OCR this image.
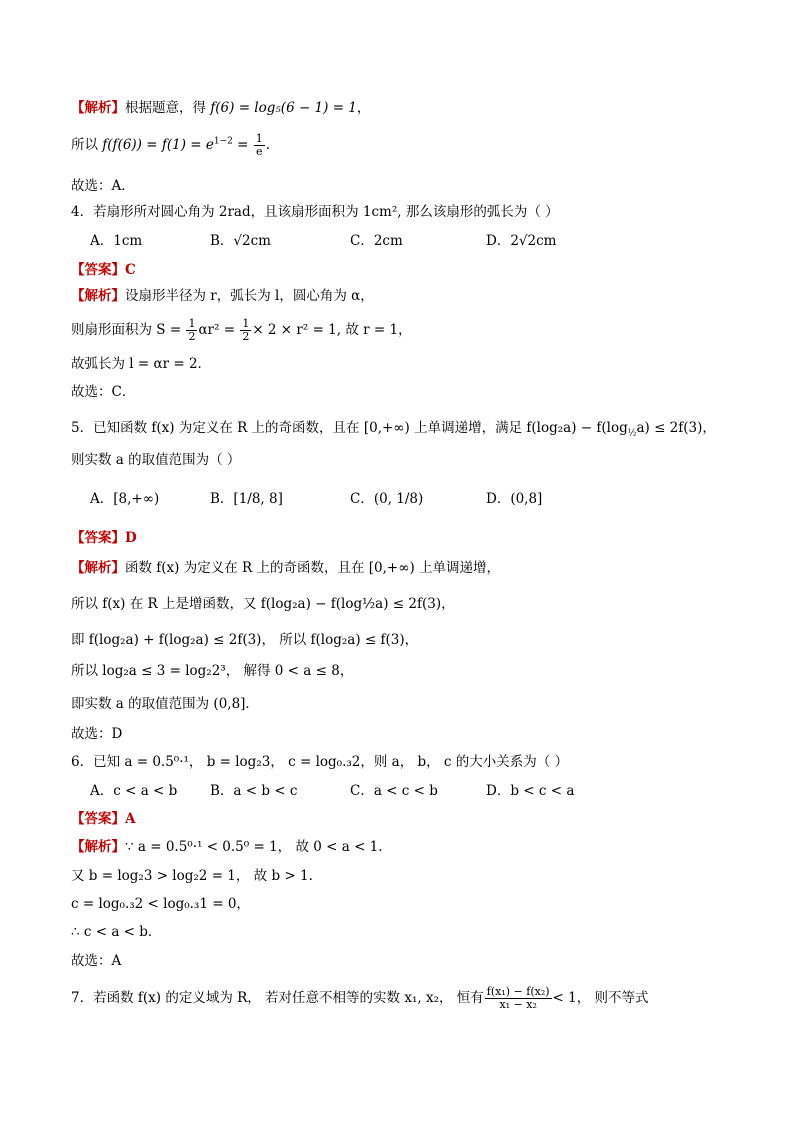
【解析】根据题意，得 f(6) = log₅(6 − 1) = 1，
所以 $f(f(6)) = f(1) = e^{1-2} = \frac{1}{e}$ .
故选：A．
4．若扇形所对圆心角为 2rad，且该扇形面积为 1cm², 那么该扇形的弧长为（ ）
A．1cm	B．√2cm	C．2cm	D．2√2cm
【答案】C
【解析】设扇形半径为 r，弧长为 l，圆心角为 α，
则扇形面积为 $S = \frac{1}{2} \alpha r^2 = \frac{1}{2} \times 2 \times r^2 = 1$, 故 r = 1，
故弧长为 l = αr = 2．
故选：C．
5．已知函数 f(x) 为定义在 R 上的奇函数，且在 [0,+∞) 上单调递增，满足 $f(\log_2a) - f(\log_{\frac{1}{2}}a) \le 2f(3)$，
则实数 a 的取值范围为（ ）
A．[8,+∞)	B．[1/8, 8]	C．(0, 1/8)	D．(0,8]
【答案】D
【解析】函数 f(x) 为定义在 R 上的奇函数，且在 [0,+∞) 上单调递增，
所以 f(x) 在 R 上是增函数，又 f(log₂a) − f(log½a) ≤ 2f(3)，
即 f(log₂a) + f(log₂a) ≤ 2f(3)， 所以 f(log₂a) ≤ f(3)，
所以 log₂a ≤ 3 = log₂2³， 解得 0 < a ≤ 8，
即实数 a 的取值范围为 (0,8]．
故选：D
6．已知 a = 0.5⁰·¹， b = log₂3， c = log₀.₃2，则 a， b， c 的大小关系为（ ）
A．c < a < b B．a < b < c	C．a < c < b	D．b < c < a
【答案】A
【解析】∵ a = 0.5⁰·¹ < 0.5⁰ = 1， 故 0 < a < 1.
又 b = log₂3 > log₂2 = 1， 故 b > 1.
c = log₀.₃2 < log₀.₃1 = 0，
∴ c < a < b．
故选：A
7．若函数 f(x) 的定义域为 R， 若对任意不相等的实数 x₁, x₂， 恒有 $\frac{\text{f(x₁) − f(x₂)}}{\text{x₁ − x₂}} < 1$， 则不等式
